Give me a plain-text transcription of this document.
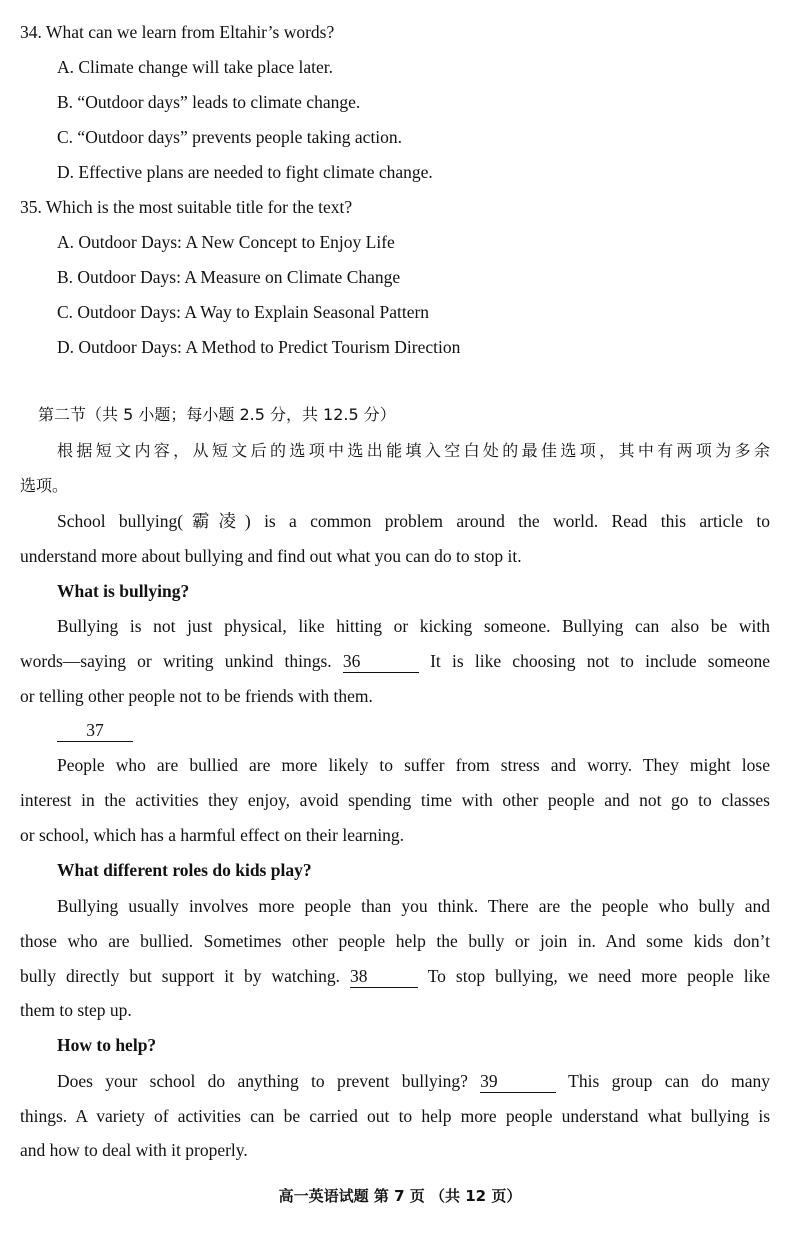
34. What can we learn from Eltahir’s words?
A. Climate change will take place later.
B. “Outdoor days” leads to climate change.
C. “Outdoor days” prevents people taking action.
D. Effective plans are needed to fight climate change.
35. Which is the most suitable title for the text?
A. Outdoor Days: A New Concept to Enjoy Life
B. Outdoor Days: A Measure on Climate Change
C. Outdoor Days: A Way to Explain Seasonal Pattern
D. Outdoor Days: A Method to Predict Tourism Direction
第二节（共 5 小题；每小题 2.5 分，共 12.5 分）
根据短文内容，从短文后的选项中选出能填入空白处的最佳选项，其中有两项为多余
选项。
School bullying(霸凌) is a common problem around the world. Read this article to
understand more about bullying and find out what you can do to stop it.
What is bullying?
Bullying is not just physical, like hitting or kicking someone. Bullying can also be with
words—saying or writing unkind things. 36	It is like choosing not to include someone
or telling other people not to be friends with them.
37
People who are bullied are more likely to suffer from stress and worry. They might lose
interest in the activities they enjoy, avoid spending time with other people and not go to classes
or school, which has a harmful effect on their learning.
What different roles do kids play?
Bullying usually involves more people than you think. There are the people who bully and
those who are bullied. Sometimes other people help the bully or join in. And some kids don’t
bully directly but support it by watching. 38	To stop bullying, we need more people like
them to step up.
How to help?
Does your school do anything to prevent bullying? 39	This group can do many
things. A variety of activities can be carried out to help more people understand what bullying is
and how to deal with it properly.
高一英语试题 第 7 页 （共 12 页）
